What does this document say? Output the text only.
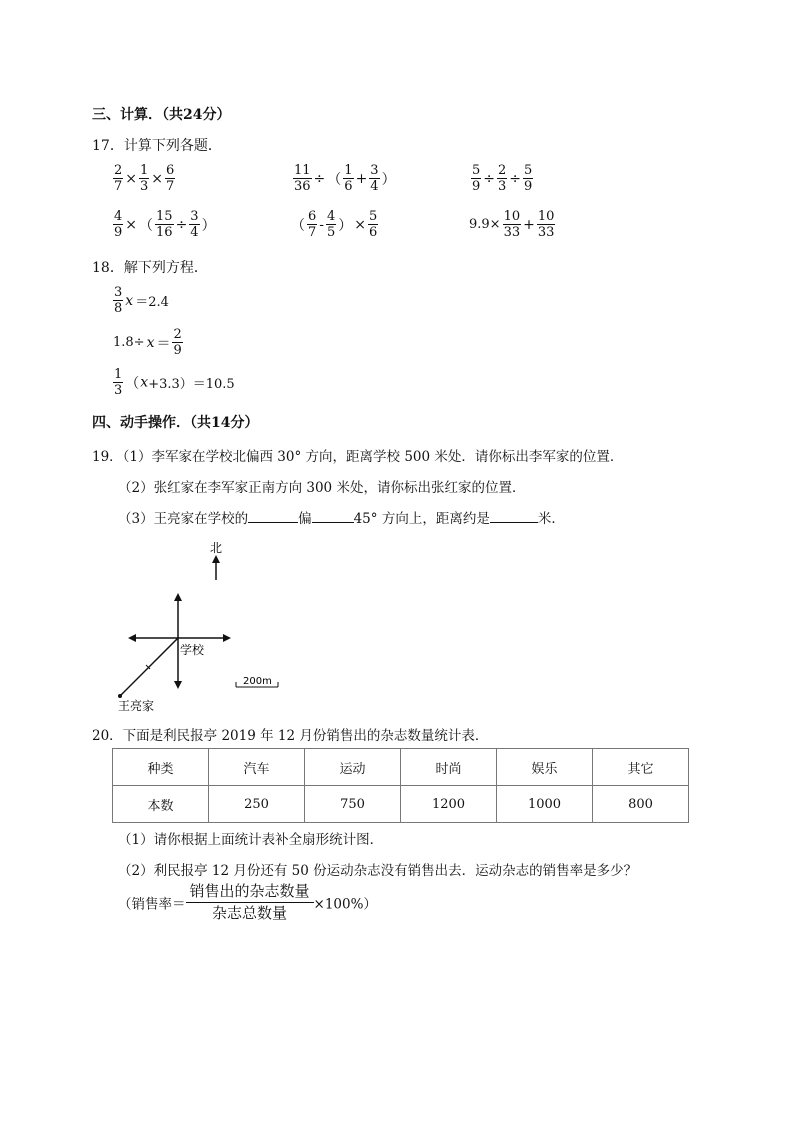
三、计算．（共24分）
17．计算下列各题．
$\frac{2}{7} \times \frac{1}{3} \times \frac{6}{7}$	$\frac{11}{36}$ ÷ （ $\frac{1}{6} + \frac{3}{4}$ ）	$\frac{5}{9} \div \frac{2}{3} \div \frac{5}{9}$
$\frac{4}{9}$ × （ $\frac{15}{16} \div \frac{3}{4}$ ）	（ $\frac{6}{7} - \frac{4}{5}$ ） × $\frac{5}{6}$	$9.9\times \frac{10}{33} + \frac{10}{33}$
18．解下列方程．
$\frac{3}{8}$ x ＝2.4
$1.8\div x = \frac{2}{9}$
$\frac{1}{3} (x+3.3)=10.5$
四、动手操作．（共14分）
19．（1）李军家在学校北偏西 30° 方向，距离学校 500 米处．请你标出李军家的位置．
（2）张红家在李军家正南方向 300 米处，请你标出张红家的位置．
（3）王亮家在学校的	偏	45° 方向上，距离约是	米．
北
学校
王亮家
200m
20．下面是利民报亭 2019 年 12 月份销售出的杂志数量统计表．
种类	汽车	运动	时尚	娱乐	其它
本数	250	750	1200	1000	800
（1）请你根据上面统计表补全扇形统计图．
（2）利民报亭 12 月份还有 50 份运动杂志没有销售出去．运动杂志的销售率是多少？
（销售率＝
销售出的杂志数量
杂志总数量 ×100%）
